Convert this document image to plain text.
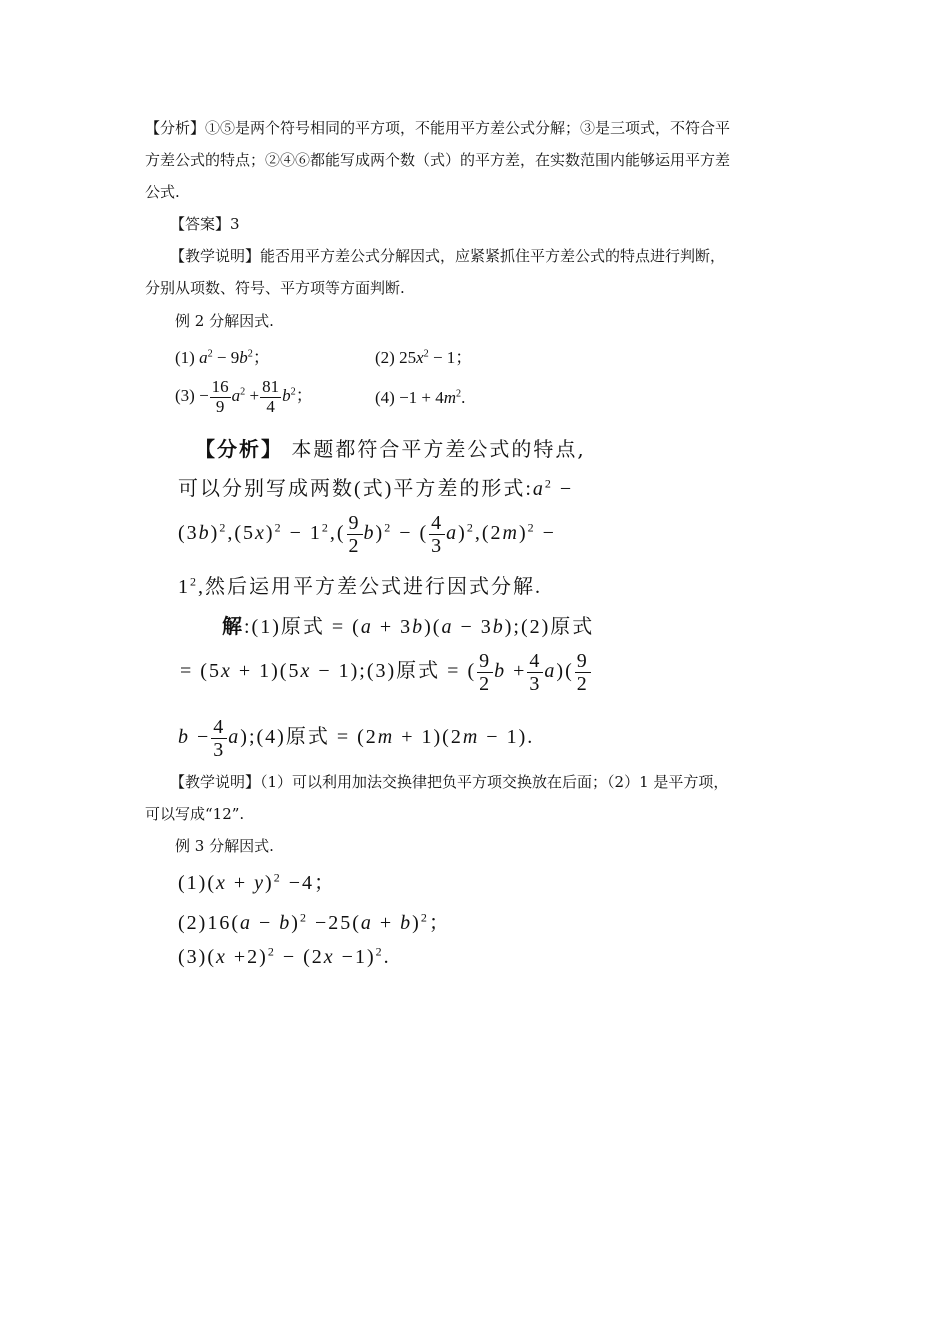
【分析】①⑤是两个符号相同的平方项，不能用平方差公式分解；③是三项式，不符合平
方差公式的特点；②④⑥都能写成两个数（式）的平方差，在实数范围内能够运用平方差
公式.
【答案】3
【教学说明】能否用平方差公式分解因式，应紧紧抓住平方差公式的特点进行判断，
分别从项数、符号、平方项等方面判断.
例 2 分解因式.
(1) $a^2 - 9b^2$；	(2) $25x^2 - 1$；
$(3) - \frac{16}{9} a^2 + \frac{81}{4} b^2$；	$(4) -1 + 4m^2$.
【分析】 本题都符合平方差公式的特点,
可以分别写成两数(式)平方差的形式$:a^2$ −
$(3b)^2,(5x)^2 - 1^2,( \frac{9}{2} b)^2$ − ( $\frac{4}{3} a)^2,(2m)^2$ −
$1^2$,然后运用平方差公式进行因式分解.
解:(1)原式 = (a + 3b)(a − 3b);(2)原式
= (5x + 1)(5x − 1);(3)原式 = ( $\frac{9}{2}$ $b + \frac{4}{3} a)( \frac{9}{2}$
$b - \frac{4}{3}$ a);(4)原式 = (2m + 1)(2m − 1).
【教学说明】（1）可以利用加法交换律把负平方项交换放在后面；（2）1 是平方项，
可以写成“12”.
例 3 分解因式.
$(1)(x + y)^2 -4$；
$(2)16(a - b)^2 -25(a + b)^2$；
$(3)(x +2)^2 - (2x -1)^2$.
